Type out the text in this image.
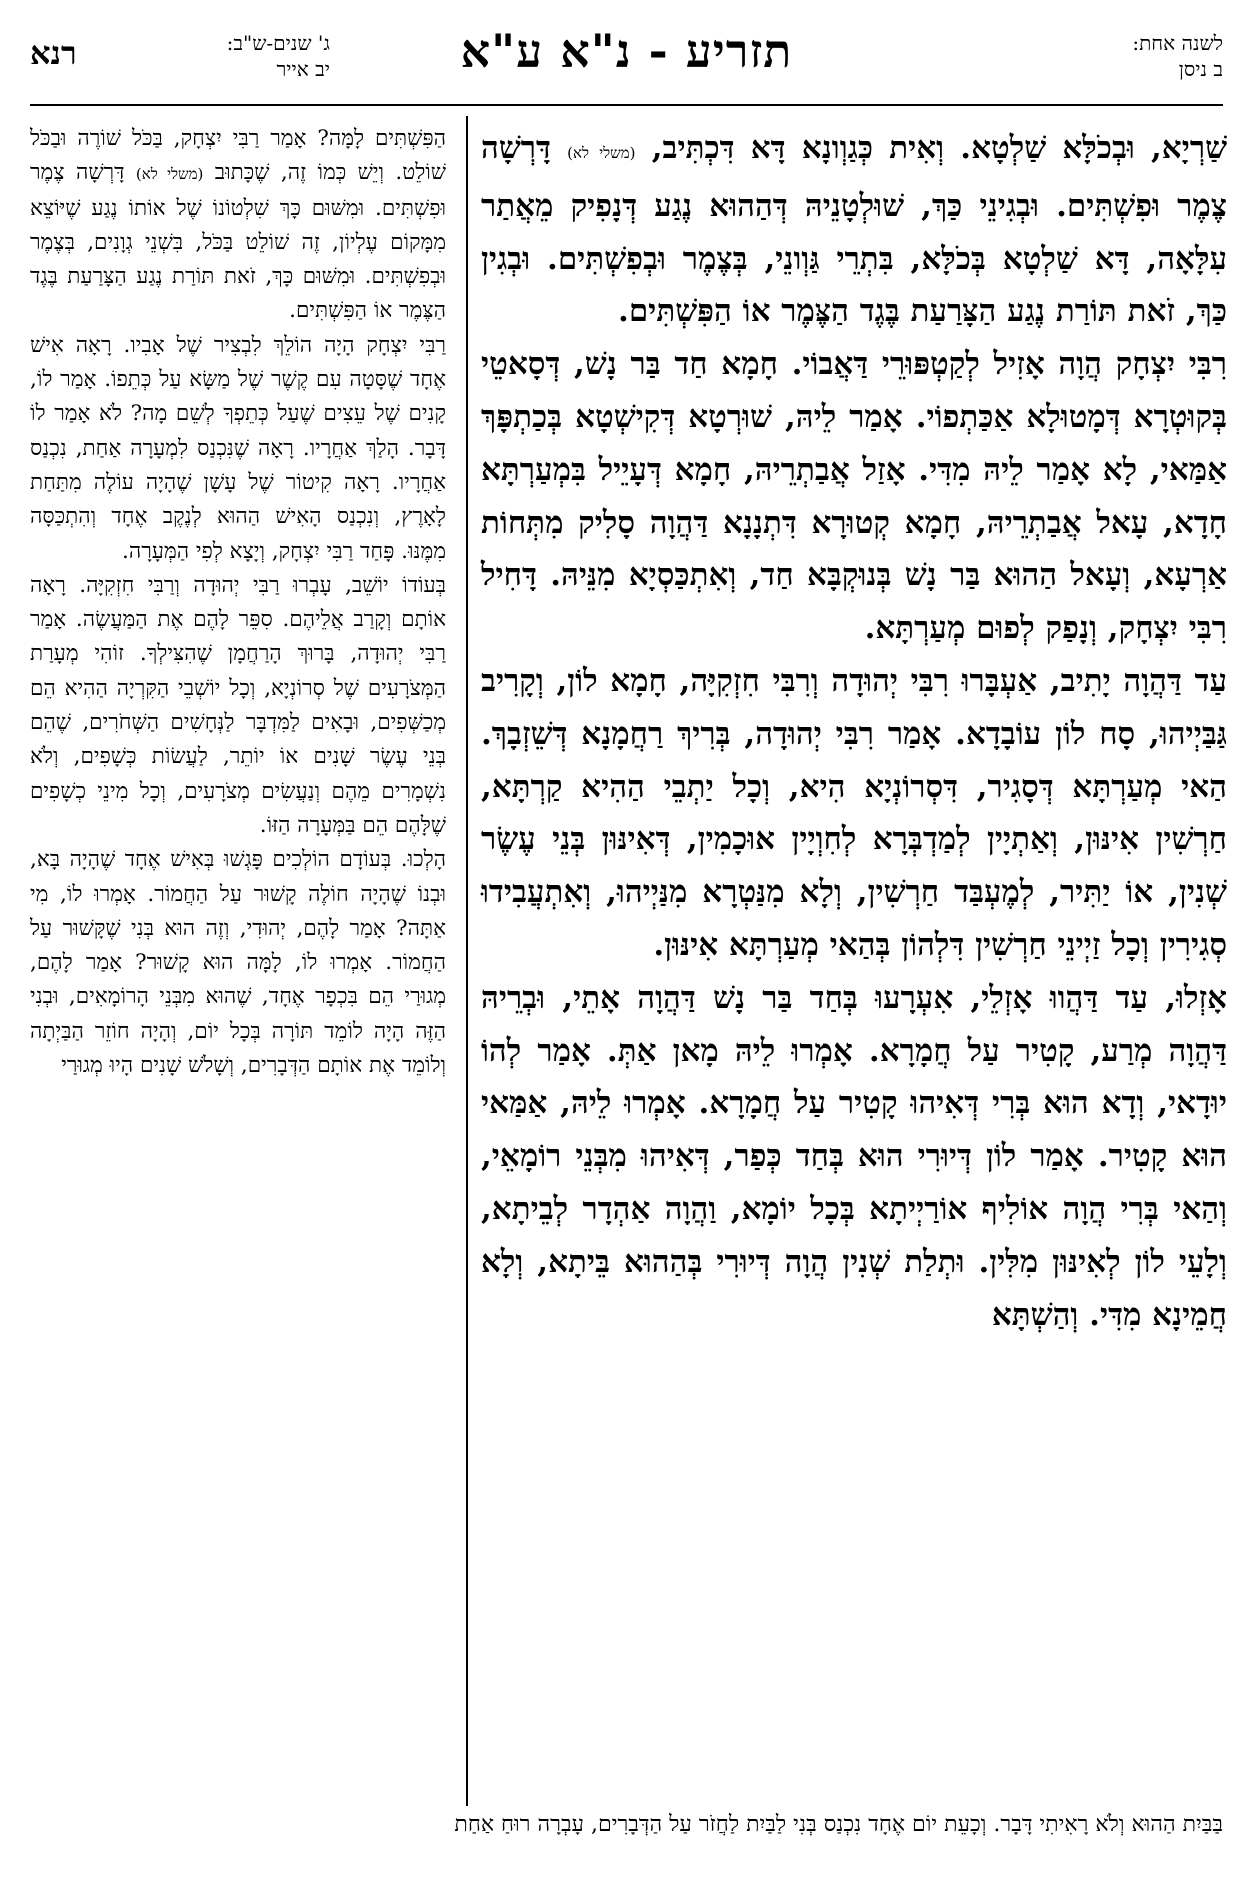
לשנה אחת:
ב ניסן
תזריע - נ"א ע"א
ג' שנים-ש"ב:
יב אייר
רנא

שַׁרְיָא, וּבְכֹלָּא שַׁלְטָא. וְאִית כְּגַוְונָא דָּא דִּכְתִּיב, (משלי לא) דָּרְשָׁה צֶמֶר וּפִשְׁתִּים. וּבְגִינֵי כַּךְ, שׁוּלְטָנֵיהּ דְּהַהוּא נֶגַע דְּנָפִיק מֵאֲתַר עִלָּאָה, דָּא שַׁלְטָא בְּכֹלָּא, בִּתְרֵי גַּוְונֵי, בְּצֶמֶר וּבְפִשְׁתִּים. וּבְגִין כַּךְ, זֹאת תּוֹרַת נֶגַע הַצָּרַעַת בֶּגֶד הַצֶּמֶר אוֹ הַפִּשְׁתִּים.

רִבִּי יִצְחָק הֲוָה אָזִיל לְקַטְפּוּרֵי דַּאֲבוֹי. חָמָא חַד בַּר נָשׁ, דְּסָאטֵי בְּקוּטְרָא דְּמָטוּלָא אַכַּתְפוֹי. אָמַר לֵיהּ, שׁוּרְטָא דְּקִישְׁטָא בְּכַתְפָּךְ אַמַּאי, לָא אָמַר לֵיהּ מִדִּי. אָזַל אֲבַתְרֵיהּ, חָמָא דְּעָיֵיל בִּמְעַרְתָּא חָדָא, עָאל אֲבַתְרֵיהּ, חָמָא קְטוּרָא דִּתְנָנָא דַּהֲוָה סָלִיק מִתְּחוֹת אַרְעָא, וְעָאל הַהוּא בַּר נָשׁ בְּנוּקְבָּא חַד, וְאִתְכַּסְיָא מִנֵּיהּ. דָּחִיל רִבִּי יִצְחָק, וְנָפַק לְפוּם מְעַרְתָּא.

עַד דַּהֲוָה יָתִיב, אַעְבָּרוּ רִבִּי יְהוּדָה וְרִבִּי חִזְקִיָּה, חָמָא לוֹן, וְקָרִיב גַּבַּיְיהוּ, סָח לוֹן עוֹבָדָא. אָמַר רִבִּי יְהוּדָה, בְּרִיךְ רַחֲמָנָא דְּשֵׁזְבָךְ. הַאי מְעַרְתָּא דְּסָגִיר, דִּסְרוֹנְיָא הִיא, וְכָל יַתְבֵי הַהִיא קַרְתָּא, חַרְשִׁין אִינּוּן, וְאַתְיָין לְמַדְבְּרָא לְחִוְיָין אוּכָמִין, דְּאִינּוּן בְּנֵי עֶשֶׂר שְׁנִין, אוֹ יַתִּיר, לְמֶעְבַּד חַרְשִׁין, וְלָא מִנַּטְרָא מִנַּיְיהוּ, וְאִתְעֲבִידוּ סְגִירִין וְכָל זַיְינֵי חַרְשִׁין דִּלְהוֹן בְּהַאי מְעַרְתָּא אִינּוּן.

אָזְלוּ, עַד דַּהֲווּ אָזְלֵי, אִעְרָעוּ בְּחַד בַּר נָשׁ דַּהֲוָה אָתֵי, וּבְרֵיהּ דַּהֲוָה מְרַע, קָטִיר עַל חֲמָרָא. אָמְרוּ לֵיהּ מָאן אַתְּ. אָמַר לְהוֹ יוּדָאי, וְדָא הוּא בְּרִי דְּאִיהוּ קָטִיר עַל חֲמָרָא. אָמְרוּ לֵיהּ, אַמַּאי הוּא קָטִיר. אָמַר לוֹן דְּיוּרִי הוּא בְּחַד כְּפַר, דְּאִיהוּ מִבְּנֵי רוֹמָאֵי, וְהַאי בְּרִי הֲוָה אוֹלִיף אוֹרַיְיתָא בְּכָל יוֹמָא, וַהֲוָה אַהְדָר לְבֵיתָא, וְלָעֵי לוֹן לְאִינּוּן מִלִּין. וּתְלַת שְׁנִין הֲוָה דְּיוּרִי בְּהַהוּא בֵּיתָא, וְלָא חֲמֵינָא מִדִּי. וְהַשְׁתָּא

הַפִּשְׁתִּים לָמָּה? אָמַר רַבִּי יִצְחָק, בַּכֹּל שׁוֹרֶה וּבַכֹּל שׁוֹלֵט. וְיֵשׁ כְּמוֹ זֶה, שֶׁכָּתוּב (משלי לא) דָּרְשָׁה צֶמֶר וּפִשְׁתִּים. וּמִשּׁוּם כָּךְ שִׁלְטוֹנוֹ שֶׁל אוֹתוֹ נֶגַע שֶׁיּוֹצֵא מִמָּקוֹם עֶלְיוֹן, זֶה שׁוֹלֵט בַּכֹּל, בִּשְׁנֵי גְוָנִים, בְּצֶמֶר וּבְפִשְׁתִּים. וּמִשּׁוּם כָּךְ, זֹאת תּוֹרַת נֶגַע הַצָּרַעַת בֶּגֶד הַצֶּמֶר אוֹ הַפִּשְׁתִּים.

רַבִּי יִצְחָק הָיָה הוֹלֵךְ לִבְצִיר שֶׁל אָבִיו. רָאָה אִישׁ אֶחָד שֶׁסָּטָה עִם קֶשֶׁר שֶׁל מַשָּׂא עַל כְּתֵפוֹ. אָמַר לוֹ, קָנִים שֶׁל עֵצִים שֶׁעַל כְּתֵפְךָ לְשֵׁם מָה? לֹא אָמַר לוֹ דָּבָר. הָלַךְ אַחֲרָיו. רָאָה שֶׁנִּכְנַס לִמְעָרָה אַחַת, נִכְנַס אַחֲרָיו. רָאָה קִיטוֹר שֶׁל עָשָׁן שֶׁהָיָה עוֹלֶה מִתַּחַת לָאָרֶץ, וְנִכְנַס הָאִישׁ הַהוּא לְנֶקֶב אֶחָד וְהִתְכַּסָּה מִמֶּנּוּ. פָּחַד רַבִּי יִצְחָק, וְיָצָא לְפִי הַמְּעָרָה.

בְּעוֹדוֹ יוֹשֵׁב, עָבְרוּ רַבִּי יְהוּדָה וְרַבִּי חִזְקִיָּה. רָאָה אוֹתָם וְקָרַב אֲלֵיהֶם. סִפֵּר לָהֶם אֶת הַמַּעֲשֶׂה. אָמַר רַבִּי יְהוּדָה, בָּרוּךְ הָרַחֲמָן שֶׁהִצִּילְךָ. זוֹהִי מְעָרַת הַמְּצֹרָעִים שֶׁל סְרוֹנְיָא, וְכָל יוֹשְׁבֵי הַקִּרְיָה הַהִיא הֵם מְכַשְּׁפִים, וּבָאִים לַמִּדְבָּר לַנְּחָשִׁים הַשְּׁחֹרִים, שֶׁהֵם בְּנֵי עֶשֶׂר שָׁנִים אוֹ יוֹתֵר, לַעֲשׂוֹת כְּשָׁפִים, וְלֹא נִשְׁמָרִים מֵהֶם וְנַעֲשִׂים מְצֹרָעִים, וְכָל מִינֵי כְשָׁפִים שֶׁלָּהֶם הֵם בַּמְּעָרָה הַזּוֹ.

הָלְכוּ. בְּעוֹדָם הוֹלְכִים פָּגְשׁוּ בְּאִישׁ אֶחָד שֶׁהָיָה בָּא, וּבְנוֹ שֶׁהָיָה חוֹלֶה קָשׁוּר עַל הַחֲמוֹר. אָמְרוּ לוֹ, מִי אַתָּה? אָמַר לָהֶם, יְהוּדִי, וְזֶה הוּא בְּנִי שֶׁקָּשׁוּר עַל הַחֲמוֹר. אָמְרוּ לוֹ, לָמָּה הוּא קָשׁוּר? אָמַר לָהֶם, מְגוּרַי הֵם בִּכְפָר אֶחָד, שֶׁהוּא מִבְּנֵי הָרוֹמָאִים, וּבְנִי הַזֶּה הָיָה לוֹמֵד תּוֹרָה בְּכָל יוֹם, וְהָיָה חוֹזֵר הַבַּיְתָה וְלוֹמֵד אֶת אוֹתָם הַדְּבָרִים, וְשָׁלֹשׁ שָׁנִים הָיוּ מְגוּרַי

בַּבַּיִת הַהוּא וְלֹא רָאִיתִי דָּבָר. וְכָעֵת יוֹם אֶחָד נִכְנַס בְּנִי לַבַּיִת לַחֲזֹר עַל הַדְּבָרִים, עָבְרָה רוּחַ אַחַת
